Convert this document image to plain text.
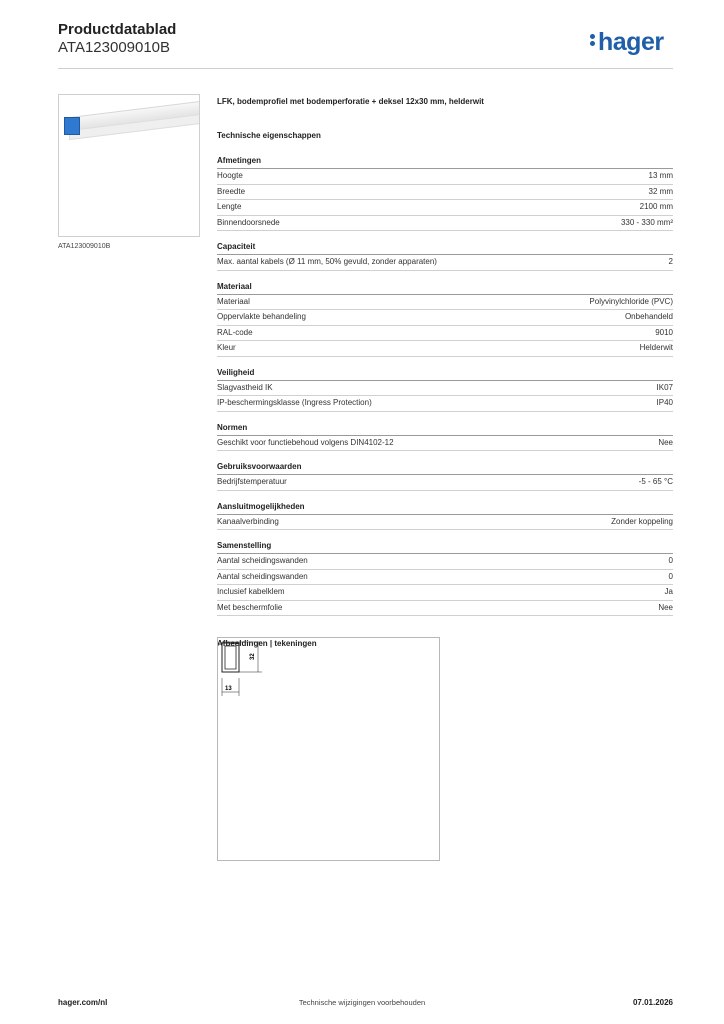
Productdatablad
ATA123009010B	hager
ATA123009010B
LFK, bodemprofiel met bodemperforatie + deksel 12x30 mm, helderwit
Technische eigenschappen
Afmetingen
Hoogte	13 mm
Breedte	32 mm
Lengte	2100 mm
Binnendoorsnede	330 - 330 mm²
Capaciteit
Max. aantal kabels (Ø 11 mm, 50% gevuld, zonder apparaten)	2
Materiaal
Materiaal	Polyvinylchloride (PVC)
Oppervlakte behandeling	Onbehandeld
RAL-code	9010
Kleur	Helderwit
Veiligheid
Slagvastheid IK	IK07
IP-beschermingsklasse (Ingress Protection)	IP40
Normen
Geschikt voor functiebehoud volgens DIN4102-12	Nee
Gebruiksvoorwaarden
Bedrijfstemperatuur	-5 - 65 °C
Aansluitmogelijkheden
Kanaalverbinding	Zonder koppeling
Samenstelling
Aantal scheidingswanden	0
Aantal scheidingswanden	0
Inclusief kabelklem	Ja
Met beschermfolie	Nee
Afbeeldingen | tekeningen
32
13
hager.com/nl	Technische wijzigingen voorbehouden	07.01.2026
